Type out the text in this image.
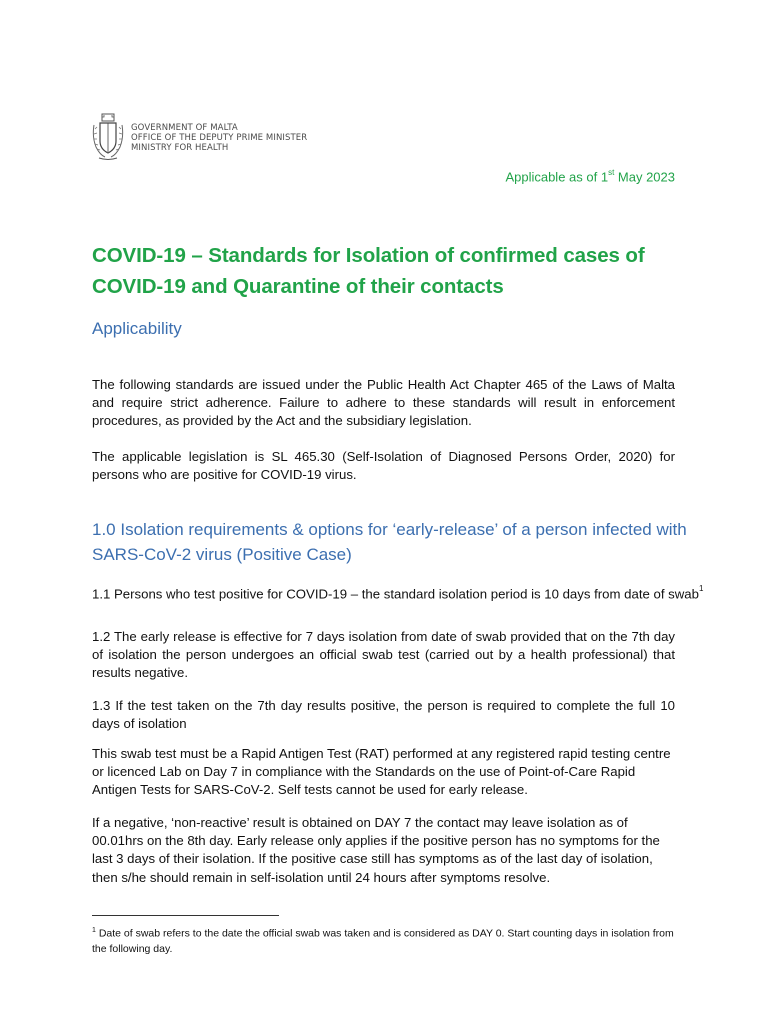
GOVERNMENT OF MALTA
OFFICE OF THE DEPUTY PRIME MINISTER
MINISTRY FOR HEALTH
Applicable as of 1st May 2023
COVID-19 – Standards for Isolation of confirmed cases of COVID-19 and Quarantine of their contacts
Applicability
The following standards are issued under the Public Health Act Chapter 465 of the Laws of Malta and require strict adherence. Failure to adhere to these standards will result in enforcement procedures, as provided by the Act and the subsidiary legislation.
The applicable legislation is SL 465.30 (Self-Isolation of Diagnosed Persons Order, 2020) for persons who are positive for COVID-19 virus.
1.0 Isolation requirements & options for ‘early-release’ of a person infected with SARS-CoV-2 virus (Positive Case)
1.1 Persons who test positive for COVID-19 – the standard isolation period is 10 days from date of swab$^1$
1.2 The early release is effective for 7 days isolation from date of swab provided that on the 7th day of isolation the person undergoes an official swab test (carried out by a health professional) that results negative.
1.3 If the test taken on the 7th day results positive, the person is required to complete the full 10 days of isolation
This swab test must be a Rapid Antigen Test (RAT) performed at any registered rapid testing centre or licenced Lab on Day 7 in compliance with the Standards on the use of Point-of-Care Rapid Antigen Tests for SARS-CoV-2. Self tests cannot be used for early release.
If a negative, ‘non-reactive’ result is obtained on DAY 7 the contact may leave isolation as of 00.01hrs on the 8th day. Early release only applies if the positive person has no symptoms for the last 3 days of their isolation. If the positive case still has symptoms as of the last day of isolation, then s/he should remain in self-isolation until 24 hours after symptoms resolve.
$^1$ Date of swab refers to the date the official swab was taken and is considered as DAY 0. Start counting days in isolation from the following day.
